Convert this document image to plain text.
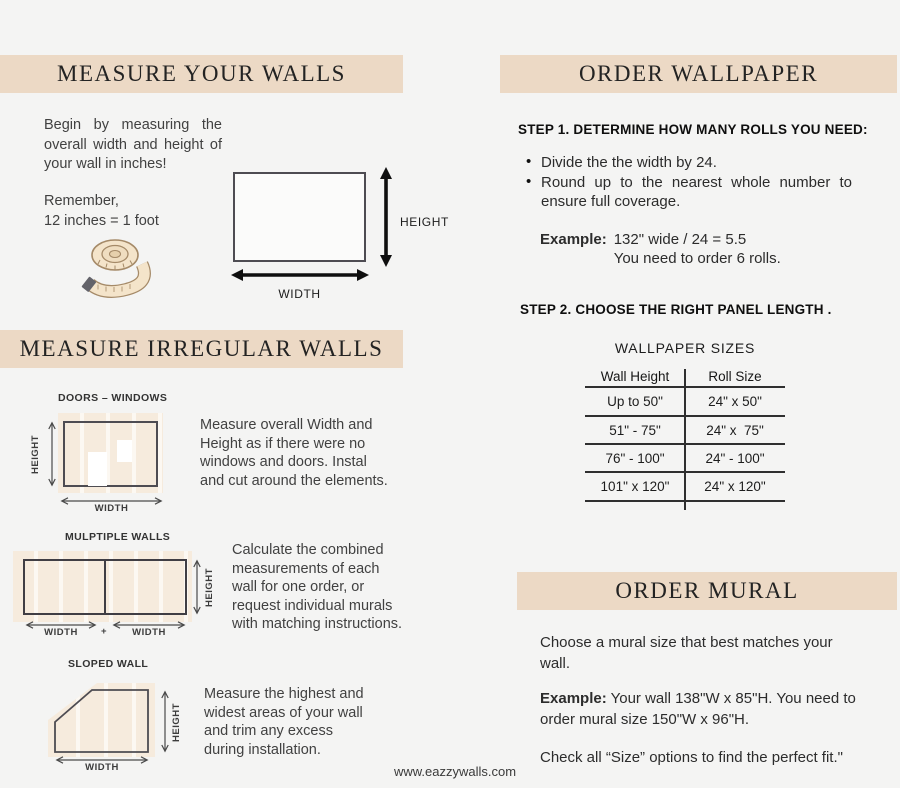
MEASURE YOUR WALLS

Begin by measuring the overall width and height of your wall in inches!

Remember,
12 inches = 1 foot	HEIGHT
WIDTH
MEASURE IRREGULAR WALLS
DOORS – WINDOWS
HEIGHT
WIDTH

Measure overall Width and
Height as if there were no
windows and doors. Instal
and cut around the elements.

MULPTIPLE WALLS
HEIGHT
WIDTH	+	WIDTH

Calculate the combined
measurements of each
wall for one order, or
request individual murals
with matching instructions.

SLOPED WALL
HEIGHT
WIDTH

Measure the highest and
widest areas of your wall
and trim any excess
during installation.

ORDER WALLPAPER
STEP 1. DETERMINE HOW MANY ROLLS YOU NEED:
• Divide the the width by 24.
• Round up to the nearest whole number to ensure full coverage.
Example: 132" wide / 24 = 5.5
You need to order 6 rolls.
STEP 2. CHOOSE THE RIGHT PANEL LENGTH .
WALLPAPER SIZES
Wall Height	Roll Size
Up to 50"	24" x 50"
51" - 75"	24" x  75"
76" - 100"	24" - 100"
101" x 120"	24" x 120"
ORDER MURAL

Choose a mural size that best matches your
wall.

Example: Your wall 138"W x 85"H. You need to
order mural size 150"W x 96"H.

Check all “Size” options to find the perfect fit."

www.eazzywalls.com
